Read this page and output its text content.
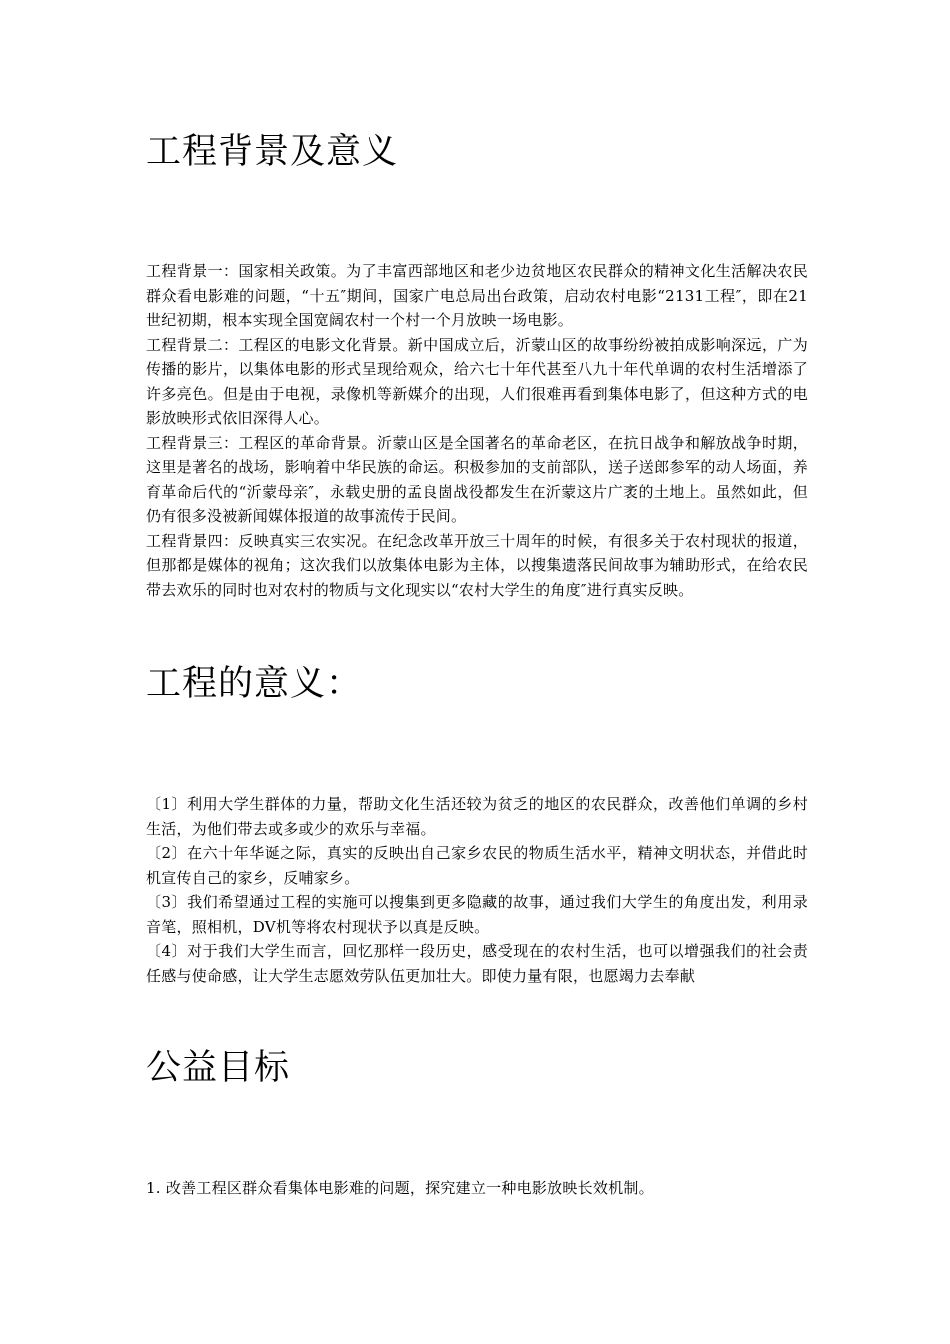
工程背景及意义

工程背景一：国家相关政策。为了丰富西部地区和老少边贫地区农民群众的精神文化生活解决农民群众看电影难的问题，“十五″期间，国家广电总局出台政策，启动农村电影“2131工程″，即在21世纪初期，根本实现全国宽阔农村一个村一个月放映一场电影。

工程背景二：工程区的电影文化背景。新中国成立后，沂蒙山区的故事纷纷被拍成影响深远，广为传播的影片，以集体电影的形式呈现给观众，给六七十年代甚至八九十年代单调的农村生活增添了许多亮色。但是由于电视，录像机等新媒介的出现，人们很难再看到集体电影了，但这种方式的电影放映形式依旧深得人心。

工程背景三：工程区的革命背景。沂蒙山区是全国著名的革命老区，在抗日战争和解放战争时期，这里是著名的战场，影响着中华民族的命运。积极参加的支前部队，送子送郎参军的动人场面，养育革命后代的“沂蒙母亲″，永载史册的孟良崮战役都发生在沂蒙这片广袤的土地上。虽然如此，但仍有很多没被新闻媒体报道的故事流传于民间。

工程背景四：反映真实三农实况。在纪念改革开放三十周年的时候，有很多关于农村现状的报道，但那都是媒体的视角；这次我们以放集体电影为主体，以搜集遗落民间故事为辅助形式，在给农民带去欢乐的同时也对农村的物质与文化现实以“农村大学生的角度″进行真实反映。

工程的意义：

〔1〕利用大学生群体的力量，帮助文化生活还较为贫乏的地区的农民群众，改善他们单调的乡村生活，为他们带去或多或少的欢乐与幸福。

〔2〕在六十年华诞之际，真实的反映出自己家乡农民的物质生活水平，精神文明状态，并借此时机宣传自己的家乡，反哺家乡。

〔3〕我们希望通过工程的实施可以搜集到更多隐藏的故事，通过我们大学生的角度出发，利用录音笔，照相机，DV机等将农村现状予以真是反映。

〔4〕对于我们大学生而言，回忆那样一段历史，感受现在的农村生活，也可以增强我们的社会责任感与使命感，让大学生志愿效劳队伍更加壮大。即使力量有限，也愿竭力去奉献

公益目标

1. 改善工程区群众看集体电影难的问题，探究建立一种电影放映长效机制。
